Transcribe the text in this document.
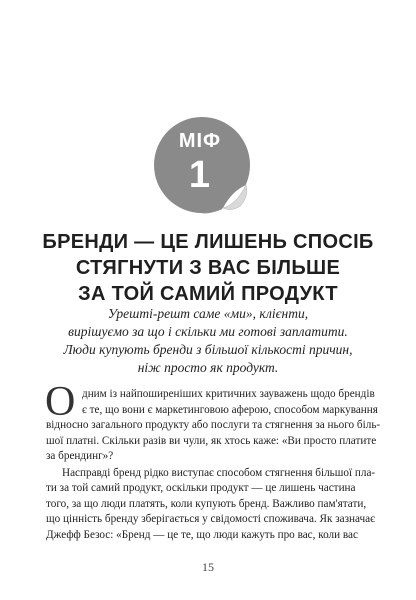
МІФ
1
БРЕНДИ — ЦЕ ЛИШЕНЬ СПОСІБ
СТЯГНУТИ З ВАС БІЛЬШЕ
ЗА ТОЙ САМИЙ ПРОДУКТ
Урешті-решт саме «ми», клієнти,
вирішуємо за що і скільки ми готові заплатити.
Люди купують бренди з більшої кількості причин,
ніж просто як продукт.
О дним із найпоширеніших критичних зауважень щодо брендів
є те, що вони є маркетинговою аферою, способом маркування
відносно загального продукту або послуги та стягнення за нього біль-
шої платні. Скільки разів ви чули, як хтось каже: «Ви просто платите
за брендинг»?
Насправді бренд рідко виступає способом стягнення більшої пла-
ти за той самий продукт, оскільки продукт — це лишень частина
того, за що люди платять, коли купують бренд. Важливо пам'ятати,
що цінність бренду зберігається у свідомості споживача. Як зазначає
Джефф Безос: «Бренд — це те, що люди кажуть про вас, коли вас
15
